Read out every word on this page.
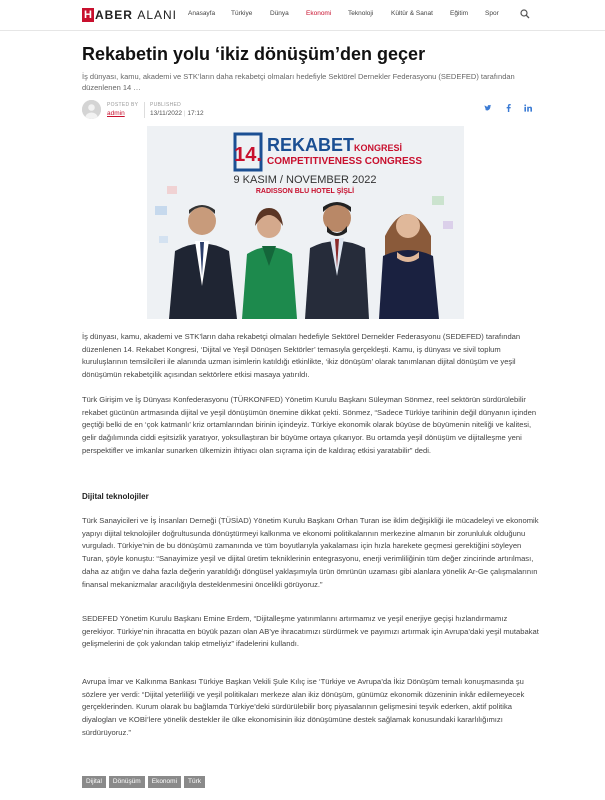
H ABER ALANI Anasayfa Türkiye	Dünya	Ekonomi	Teknoloji	Kültür & Sanat	Eğitim	Spor
Rekabetin yolu ‘ikiz dönüşüm’den geçer
İş dünyası, kamu, akademi ve STK’ların daha rekabetçi olmaları hedefiyle Sektörel Dernekler Federasyonu (SEDEFED) tarafından düzenlenen 14 …
POSTED BY
admin
PUBLISHED
13/11/2022 | 17:12
14. REKABET KONGRESİ
COMPETITIVENESS CONGRESS
9 KASIM / NOVEMBER 2022
RADISSON BLU HOTEL ŞİŞLİ

İş dünyası, kamu, akademi ve STK’ların daha rekabetçi olmaları hedefiyle Sektörel Dernekler Federasyonu (SEDEFED) tarafından düzenlenen 14. Rekabet Kongresi, ‘Dijital ve Yeşil Dönüşen Sektörler’ temasıyla gerçekleşti. Kamu, iş dünyası ve sivil toplum kuruluşlarının temsilcileri ile alanında uzman isimlerin katıldığı etkinlikte, ‘ikiz dönüşüm’ olarak tanımlanan dijital dönüşüm ve yeşil dönüşümün rekabetçilik açısından sektörlere etkisi masaya yatırıldı.

Türk Girişim ve İş Dünyası Konfederasyonu (TÜRKONFED) Yönetim Kurulu Başkanı Süleyman Sönmez, reel sektörün sürdürülebilir rekabet gücünün artmasında dijital ve yeşil dönüşümün önemine dikkat çekti. Sönmez, “Sadece Türkiye tarihinin değil dünyanın içinden geçtiği belki de en ‘çok katmanlı’ kriz ortamlarından birinin içindeyiz. Türkiye ekonomik olarak büyüse de büyümenin niteliği ve kalitesi, gelir dağılımında ciddi eşitsizlik yaratıyor, yoksullaştıran bir büyüme ortaya çıkarıyor. Bu ortamda yeşil dönüşüm ve dijitalleşme yeni perspektifler ve imkanlar sunarken ülkemizin ihtiyacı olan sıçrama için de kaldıraç etkisi yaratabilir” dedi.

Dijital teknolojiler

Türk Sanayicileri ve İş İnsanları Derneği (TÜSİAD) Yönetim Kurulu Başkanı Orhan Turan ise iklim değişikliği ile mücadeleyi ve ekonomik yapıyı dijital teknolojiler doğrultusunda dönüştürmeyi kalkınma ve ekonomi politikalarının merkezine almanın bir zorunluluk olduğunu vurguladı. Türkiye’nin de bu dönüşümü zamanında ve tüm boyutlarıyla yakalaması için hızla harekete geçmesi gerektiğini söyleyen Turan, şöyle konuştu: “Sanayimize yeşil ve dijital üretim tekniklerinin entegrasyonu, enerji verimliliğinin tüm değer zincirinde artırılması, daha az atığın ve daha fazla değerin yaratıldığı döngüsel yaklaşımıyla ürün ömrünün uzaması gibi alanlara yönelik Ar-Ge çalışmalarının finansal mekanizmalar aracılığıyla desteklenmesini öncelikli görüyoruz.”

SEDEFED Yönetim Kurulu Başkanı Emine Erdem, “Dijitalleşme yatırımlarını artırmamız ve yeşil enerjiye geçişi hızlandırmamız gerekiyor. Türkiye’nin ihracatta en büyük pazarı olan AB’ye ihracatımızı sürdürmek ve payımızı artırmak için Avrupa’daki yeşil mutabakat gelişmelerini de çok yakından takip etmeliyiz” ifadelerini kullandı.

Avrupa İmar ve Kalkınma Bankası Türkiye Başkan Vekili Şule Kılıç ise ‘Türkiye ve Avrupa’da İkiz Dönüşüm temalı konuşmasında şu sözlere yer verdi: “Dijital yeterliliği ve yeşil politikaları merkeze alan ikiz dönüşüm, günümüz ekonomik düzeninin inkâr edilemeyecek gerçeklerinden. Kurum olarak bu bağlamda Türkiye’deki sürdürülebilir borç piyasalarının gelişmesini teşvik ederken, aktif politika diyalogları ve KOBİ’lere yönelik destekler ile ülke ekonomisinin ikiz dönüşümüne destek sağlamak konusundaki kararlılığımızı sürdürüyoruz.”

Dijital	Dönüşüm	Ekonomi	Türk
